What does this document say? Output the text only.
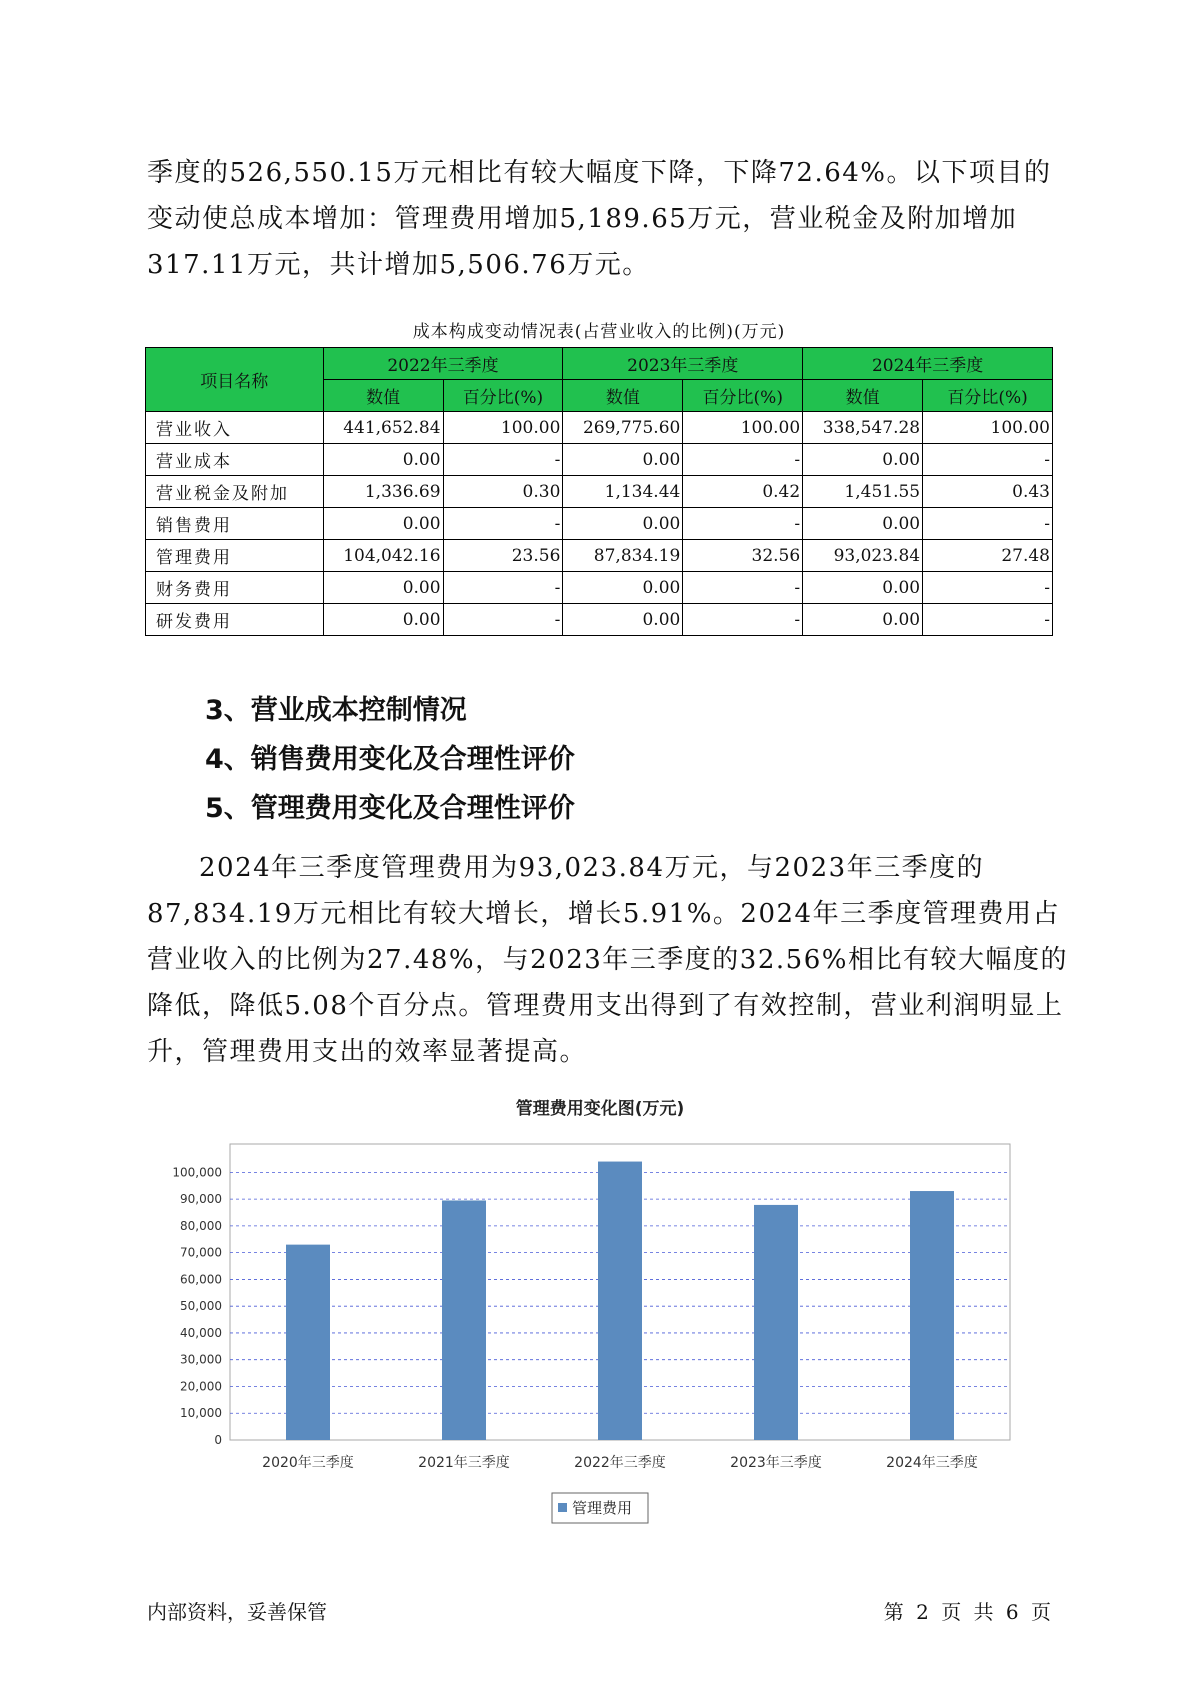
季度的526,550.15万元相比有较大幅度下降，下降72.64%。以下项目的变动使总成本增加：管理费用增加5,189.65万元，营业税金及附加增加317.11万元，共计增加5,506.76万元。

成本构成变动情况表(占营业收入的比例)(万元)
项目名称	2022年三季度		2023年三季度		2024年三季度	
	数值	百分比(%)	数值	百分比(%)	数值	百分比(%)
营业收入	441,652.84	100.00	269,775.60	100.00	338,547.28	100.00
营业成本	0.00	-	0.00	-	0.00	-
营业税金及附加	1,336.69	0.30	1,134.44	0.42	1,451.55	0.43
销售费用	0.00	-	0.00	-	0.00	-
管理费用	104,042.16	23.56	87,834.19	32.56	93,023.84	27.48
财务费用	0.00	-	0.00	-	0.00	-
研发费用	0.00	-	0.00	-	0.00	-
3、营业成本控制情况
4、销售费用变化及合理性评价
5、管理费用变化及合理性评价

2024年三季度管理费用为93,023.84万元，与2023年三季度的87,834.19万元相比有较大增长，增长5.91%。2024年三季度管理费用占营业收入的比例为27.48%，与2023年三季度的32.56%相比有较大幅度的降低，降低5.08个百分点。管理费用支出得到了有效控制，营业利润明显上升，管理费用支出的效率显著提高。

管理费用变化图(万元)
0
10,000
20,000
30,000
40,000
50,000
60,000
70,000
80,000
90,000
100,000
2020年三季度	2021年三季度	2022年三季度	2023年三季度	2024年三季度
管理费用
内部资料，妥善保管	第 2 页 共 6 页
